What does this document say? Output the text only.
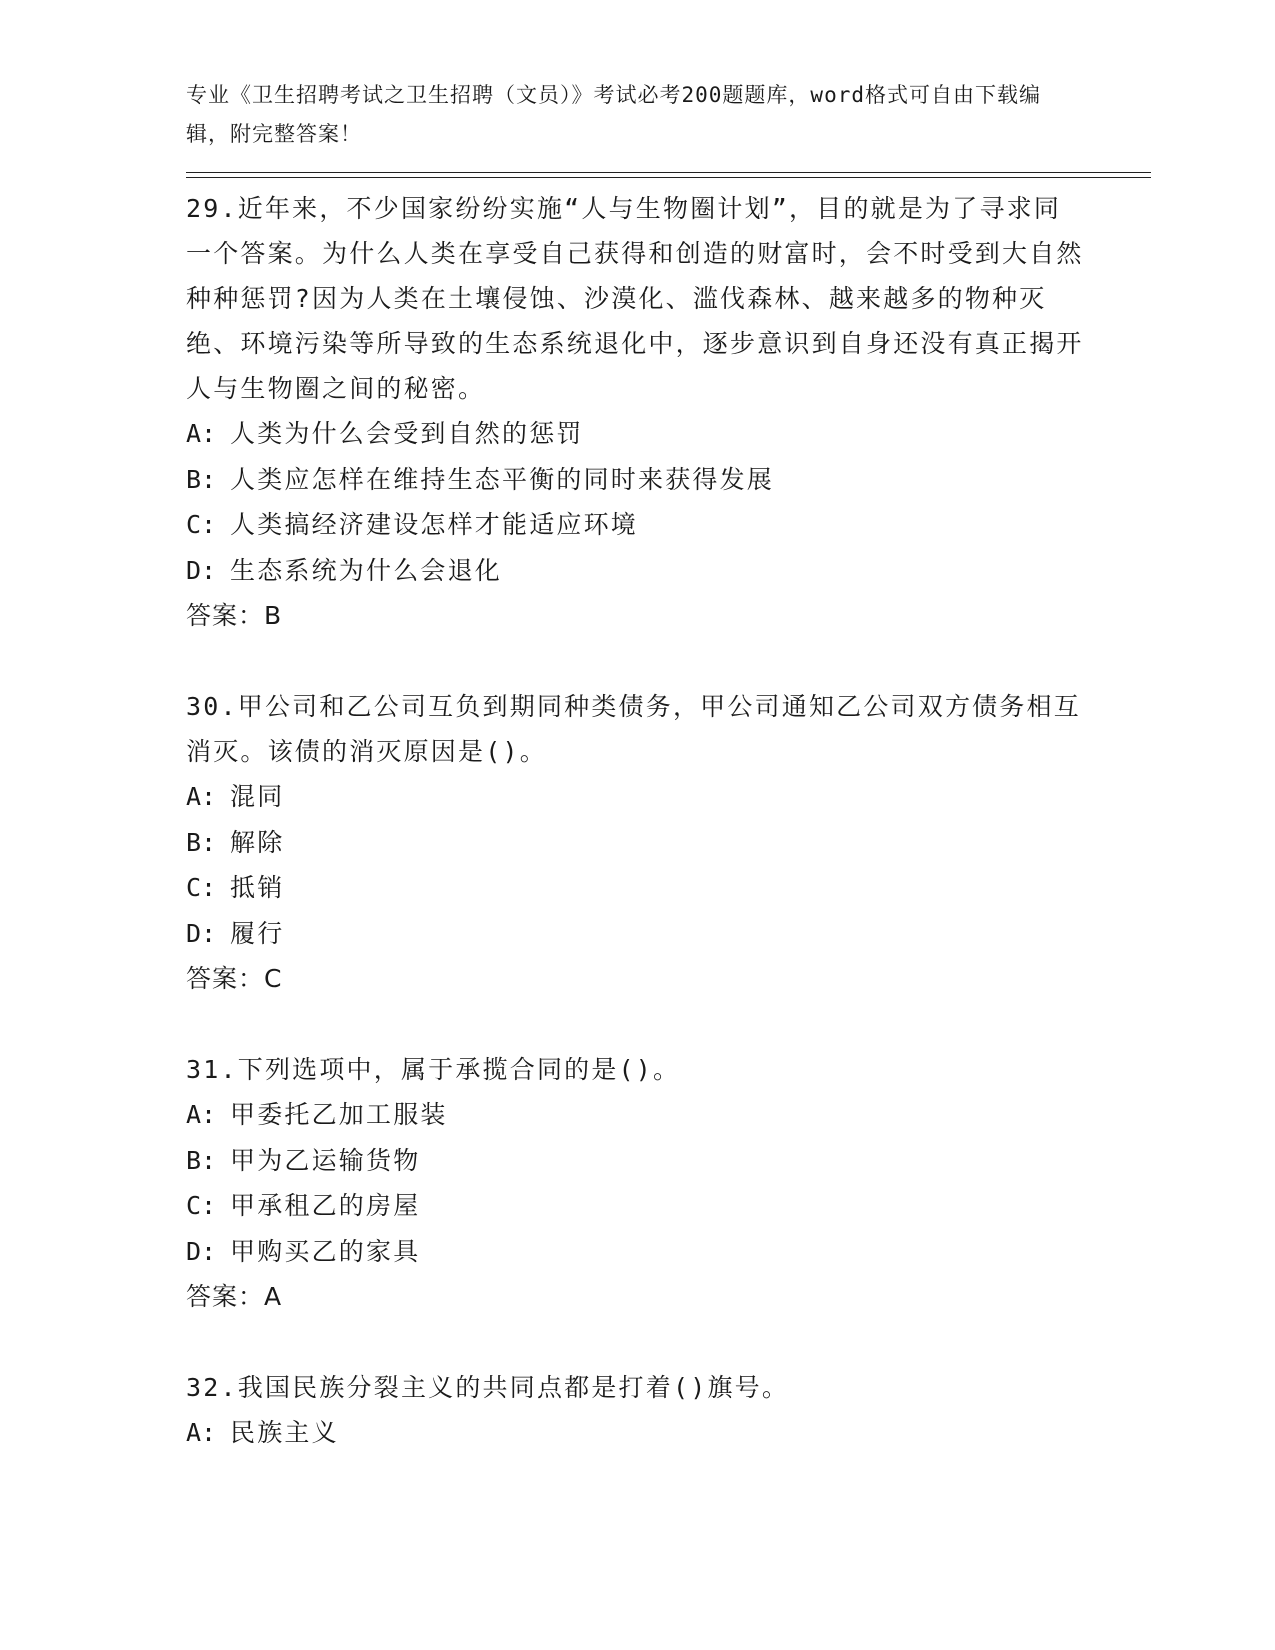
专业《卫生招聘考试之卫生招聘（文员）》考试必考200题题库，word格式可自由下载编辑，附完整答案！
29.近年来，不少国家纷纷实施“人与生物圈计划”，目的就是为了寻求同一个答案。为什么人类在享受自己获得和创造的财富时，会不时受到大自然种种惩罚?因为人类在土壤侵蚀、沙漠化、滥伐森林、越来越多的物种灭绝、环境污染等所导致的生态系统退化中，逐步意识到自身还没有真正揭开人与生物圈之间的秘密。
A: 人类为什么会受到自然的惩罚
B: 人类应怎样在维持生态平衡的同时来获得发展
C: 人类搞经济建设怎样才能适应环境
D: 生态系统为什么会退化
答案：B
30.甲公司和乙公司互负到期同种类债务，甲公司通知乙公司双方债务相互消灭。该债的消灭原因是()。
A: 混同
B: 解除
C: 抵销
D: 履行
答案：C
31.下列选项中，属于承揽合同的是()。
A: 甲委托乙加工服装
B: 甲为乙运输货物
C: 甲承租乙的房屋
D: 甲购买乙的家具
答案：A
32.我国民族分裂主义的共同点都是打着()旗号。
A: 民族主义
